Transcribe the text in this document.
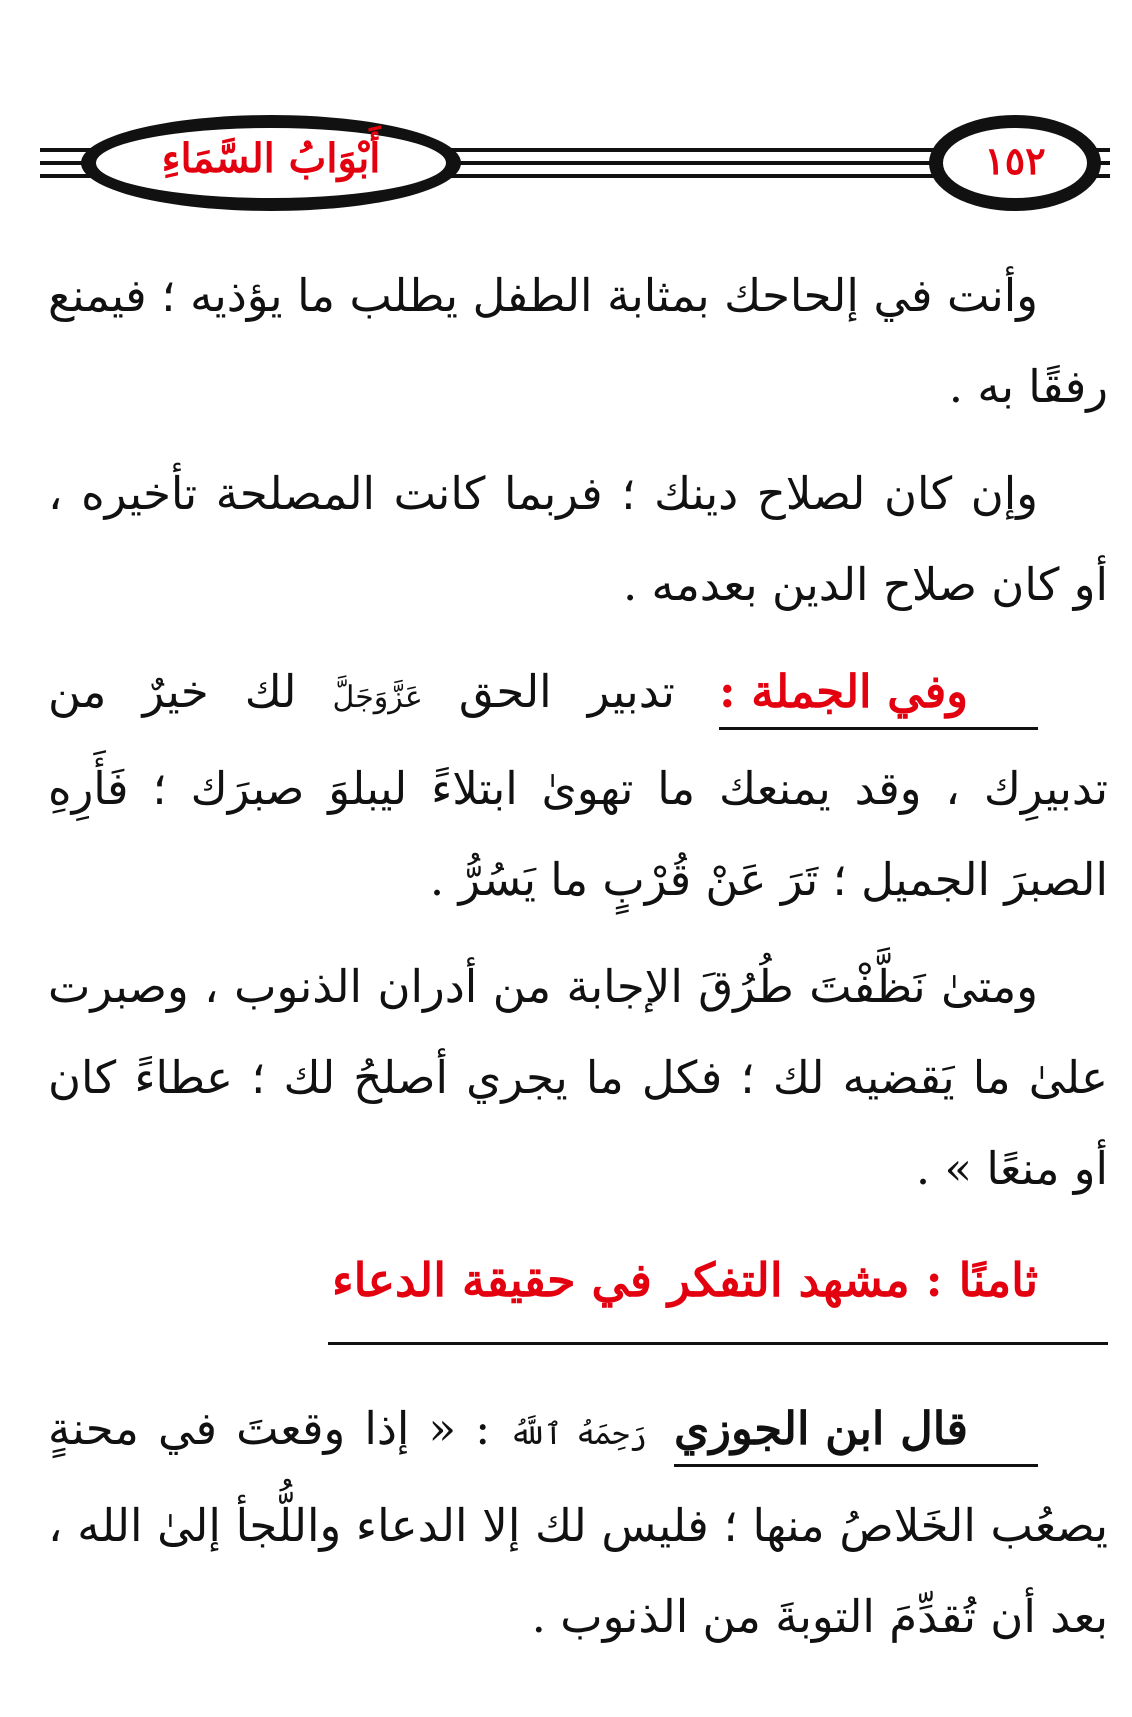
أَبْوَابُ السَّمَاءِ	١٥٢

وأنت في إلحاحك بمثابة الطفل يطلب ما يؤذيه ؛ فيمنع رفقًا به .

وإن كان لصلاح دينك ؛ فربما كانت المصلحة تأخيره ، أو كان صلاح الدين بعدمه .

وفي الجملة : تدبير الحق عَزَّوَجَلَّ لك خيرٌ من تدبيرِك ، وقد يمنعك ما تهوىٰ ابتلاءً ليبلوَ صبرَك ؛ فَأَرِهِ الصبرَ الجميل ؛ تَرَ عَنْ قُرْبٍ ما يَسُرُّ .

ومتىٰ نَظَّفْتَ طُرُقَ الإجابة من أدران الذنوب ، وصبرت علىٰ ما يَقضيه لك ؛ فكل ما يجري أصلحُ لك ؛ عطاءً كان أو منعًا » .

ثامنًا : مشهد التفكر في حقيقة الدعاء

قال ابن الجوزي رَحِمَهُ ٱللَّهُ : « إذا وقعتَ في محنةٍ يصعُب الخَلاصُ منها ؛ فليس لك إلا الدعاء واللُّجأ إلىٰ الله ، بعد أن تُقدِّمَ التوبةَ من الذنوب .
